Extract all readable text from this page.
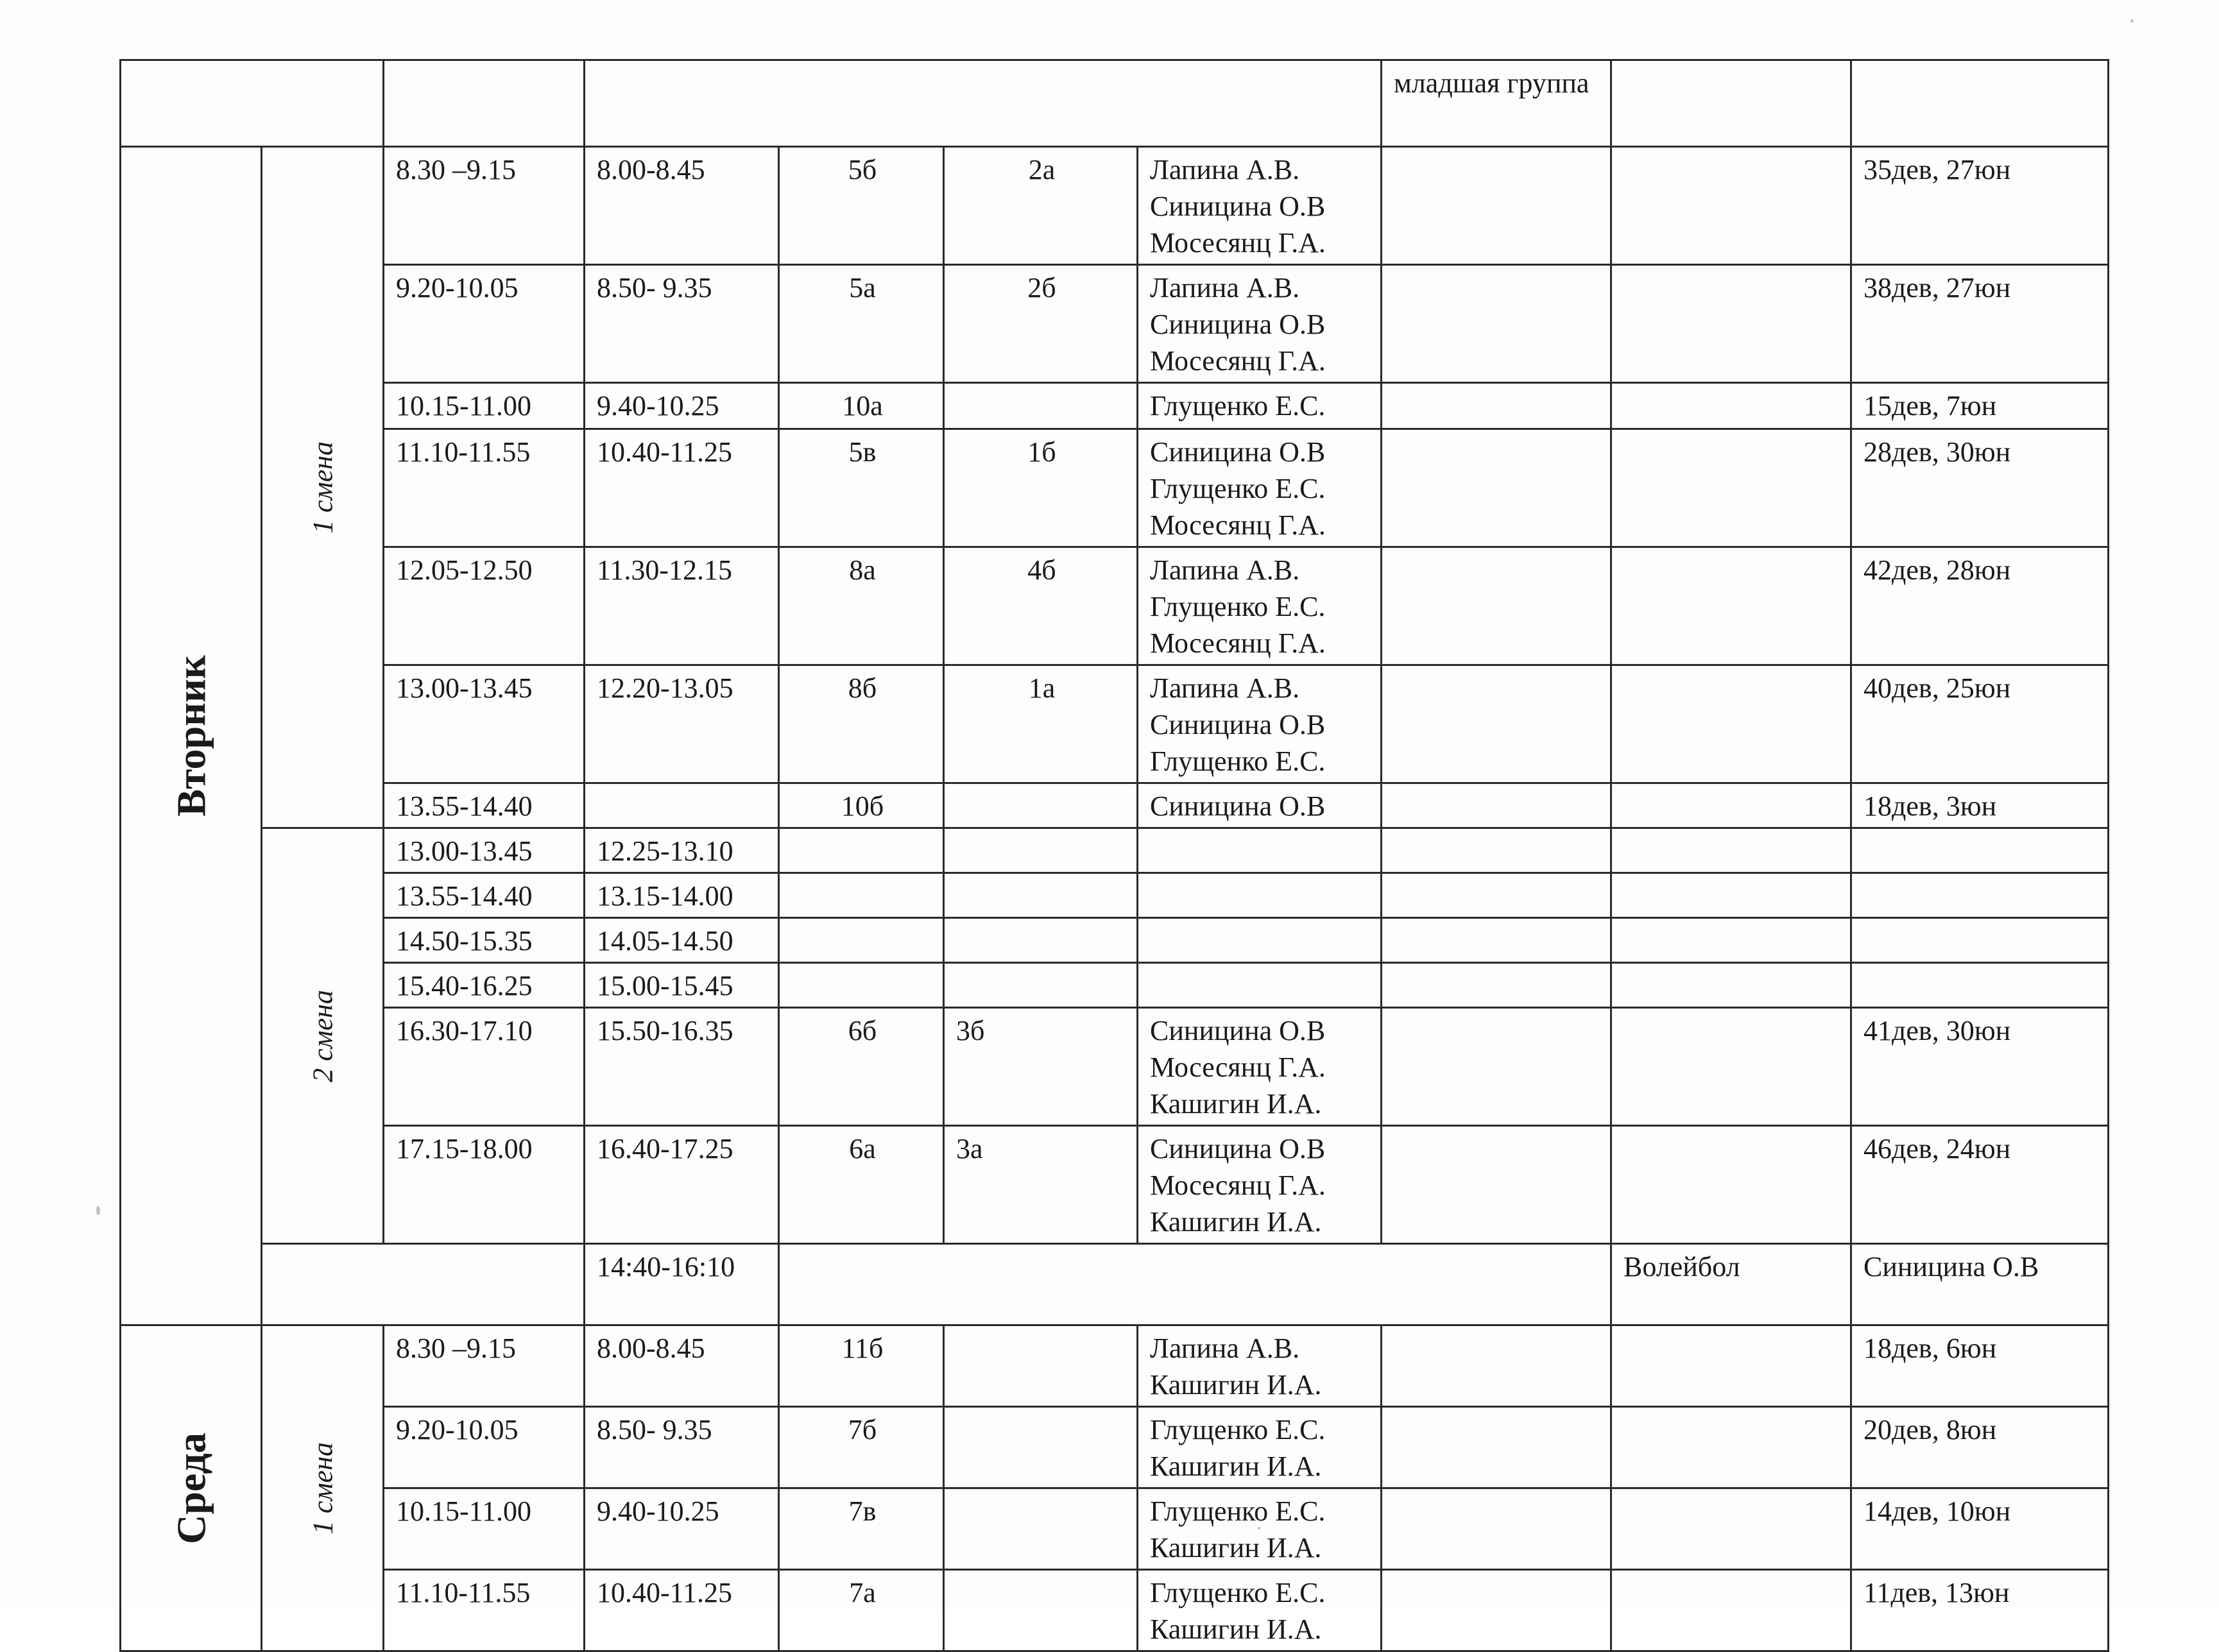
							младшая группа			

Вторник	1 смена	8.30 –9.15	8.00-8.45	5б	2а	Лапина А.В.
Синицина О.В
Мосесянц Г.А.			35дев, 27юн	
		9.20-10.05	8.50- 9.35	5а	2б	Лапина А.В.
Синицина О.В
Мосесянц Г.А.			38дев, 27юн	
		10.15-11.00	9.40-10.25	10а		Глущенко Е.С.			15дев, 7юн	
		11.10-11.55	10.40-11.25	5в	1б	Синицина О.В
Глущенко Е.С.
Мосесянц Г.А.			28дев, 30юн	
		12.05-12.50	11.30-12.15	8а	4б	Лапина А.В.
Глущенко Е.С.
Мосесянц Г.А.			42дев, 28юн	
		13.00-13.45	12.20-13.05	8б	1а	Лапина А.В.
Синицина О.В
Глущенко Е.С.			40дев, 25юн	
		13.55-14.40		10б		Синицина О.В			18дев, 3юн	

	2 смена	13.00-13.45	12.25-13.10							
		13.55-14.40	13.15-14.00							
		14.50-15.35	14.05-14.50							
		15.40-16.25	15.00-15.45							
		16.30-17.10	15.50-16.35	6б	3б	Синицина О.В
Мосесянц Г.А.
Кашигин И.А.			41дев, 30юн	
		17.15-18.00	16.40-17.25	6а	3а	Синицина О.В
Мосесянц Г.А.
Кашигин И.А.			46дев, 24юн	
			14:40-16:10					Волейбол	Синицина О.В	

Среда	1 смена	8.30 –9.15	8.00-8.45	11б		Лапина А.В.
Кашигин И.А.			18дев, 6юн	
		9.20-10.05	8.50- 9.35	7б		Глущенко Е.С.
Кашигин И.А.			20дев, 8юн	
		10.15-11.00	9.40-10.25	7в		Глущенко Е.С.
Кашигин И.А.			14дев, 10юн	
		11.10-11.55	10.40-11.25	7а		Глущенко Е.С.
Кашигин И.А.			11дев, 13юн	
